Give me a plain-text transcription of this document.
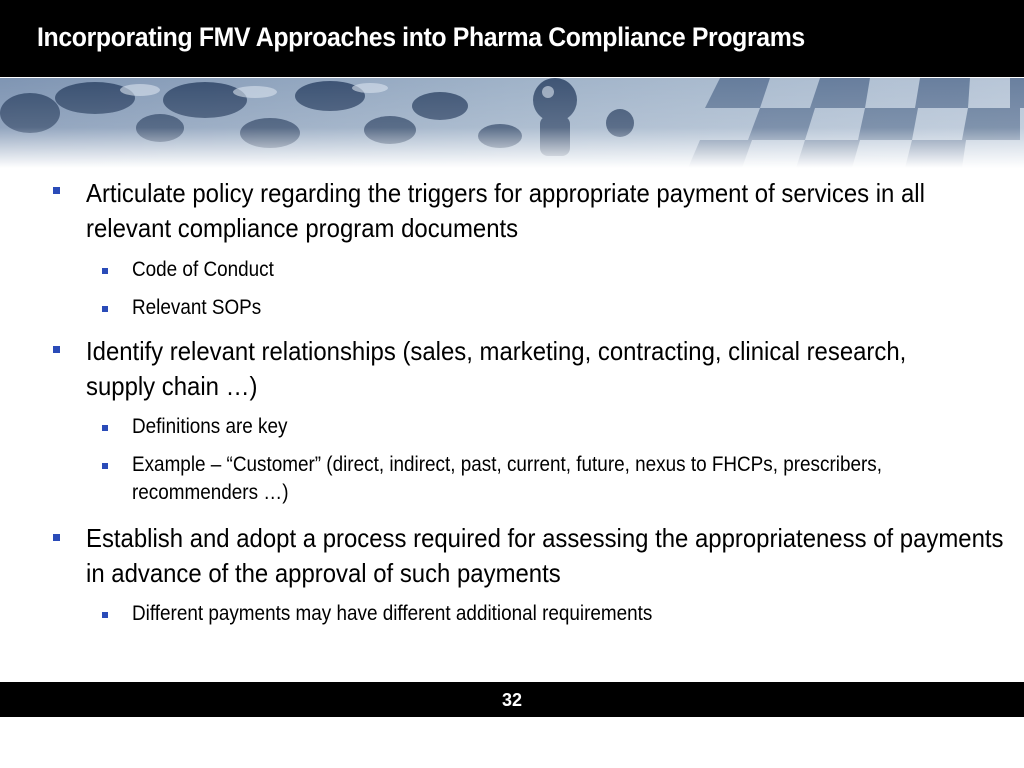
Incorporating FMV Approaches into Pharma Compliance Programs
Articulate policy regarding the triggers for appropriate payment of services in all relevant compliance program documents
Code of Conduct
Relevant SOPs
Identify relevant relationships (sales, marketing, contracting, clinical research, supply chain …)
Definitions are key
Example – “Customer” (direct, indirect, past, current, future, nexus to FHCPs, prescribers, recommenders …)
Establish and adopt a process required for assessing the appropriateness of payments in advance of the approval of such payments
Different payments may have different additional requirements
32
